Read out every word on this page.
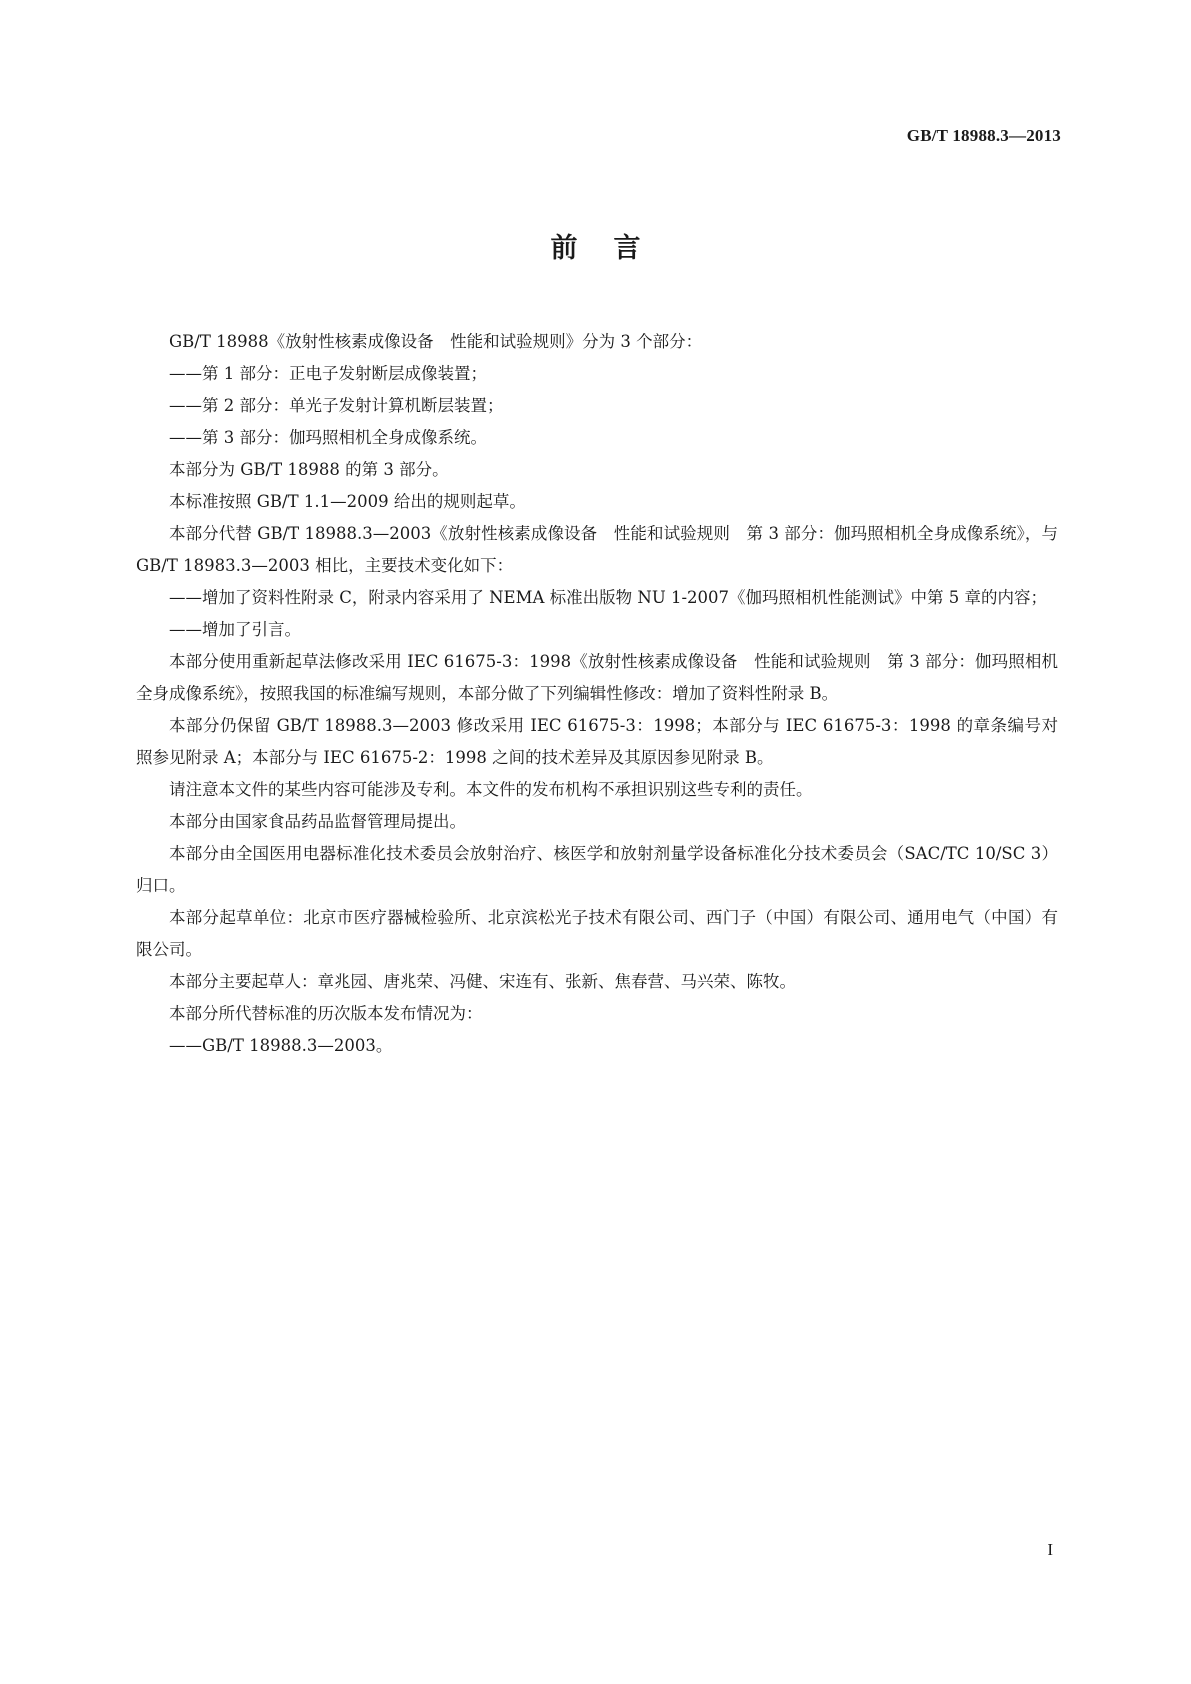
GB/T 18988.3—2013
前言

GB/T 18988《放射性核素成像设备　性能和试验规则》分为 3 个部分：

——第 1 部分：正电子发射断层成像装置；

——第 2 部分：单光子发射计算机断层装置；

——第 3 部分：伽玛照相机全身成像系统。

本部分为 GB/T 18988 的第 3 部分。

本标准按照 GB/T 1.1—2009 给出的规则起草。

本部分代替 GB/T 18988.3—2003《放射性核素成像设备　性能和试验规则　第 3 部分：伽玛照相机全身成像系统》，与 GB/T 18983.3—2003 相比，主要技术变化如下：

——增加了资料性附录 C，附录内容采用了 NEMA 标准出版物 NU 1-2007《伽玛照相机性能测试》中第 5 章的内容；

——增加了引言。

本部分使用重新起草法修改采用 IEC 61675-3：1998《放射性核素成像设备　性能和试验规则　第 3 部分：伽玛照相机全身成像系统》，按照我国的标准编写规则，本部分做了下列编辑性修改：增加了资料性附录 B。

本部分仍保留 GB/T 18988.3—2003 修改采用 IEC 61675-3：1998；本部分与 IEC 61675-3：1998 的章条编号对照参见附录 A；本部分与 IEC 61675-2：1998 之间的技术差异及其原因参见附录 B。

请注意本文件的某些内容可能涉及专利。本文件的发布机构不承担识别这些专利的责任。

本部分由国家食品药品监督管理局提出。

本部分由全国医用电器标准化技术委员会放射治疗、核医学和放射剂量学设备标准化分技术委员会（SAC/TC 10/SC 3）归口。

本部分起草单位：北京市医疗器械检验所、北京滨松光子技术有限公司、西门子（中国）有限公司、通用电气（中国）有限公司。

本部分主要起草人：章兆园、唐兆荣、冯健、宋连有、张新、焦春营、马兴荣、陈牧。

本部分所代替标准的历次版本发布情况为：

——GB/T 18988.3—2003。

I
